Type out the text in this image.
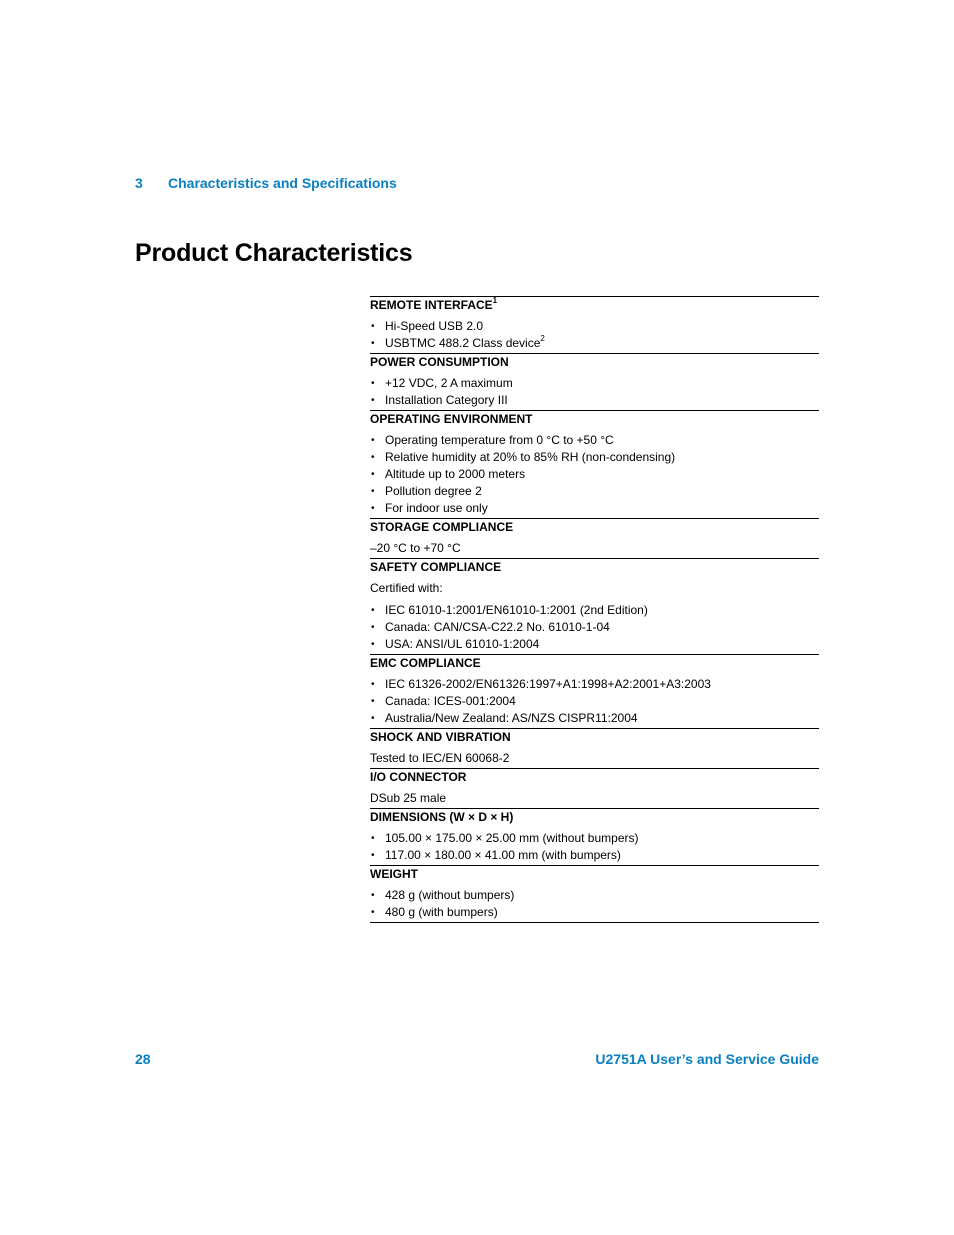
3 Characteristics and Specifications
Product Characteristics
REMOTE INTERFACE$^1$
• Hi-Speed USB 2.0
• USBTMC 488.2 Class device$^2$
POWER CONSUMPTION
• +12 VDC, 2 A maximum
• Installation Category III
OPERATING ENVIRONMENT
• Operating temperature from 0 °C to +50 °C
• Relative humidity at 20% to 85% RH (non-condensing)
• Altitude up to 2000 meters
• Pollution degree 2
• For indoor use only
STORAGE COMPLIANCE
–20 °C to +70 °C
SAFETY COMPLIANCE
Certified with:
• IEC 61010-1:2001/EN61010-1:2001 (2nd Edition)
• Canada: CAN/CSA-C22.2 No. 61010-1-04
• USA: ANSI/UL 61010-1:2004
EMC COMPLIANCE
• IEC 61326-2002/EN61326:1997+A1:1998+A2:2001+A3:2003
• Canada: ICES-001:2004
• Australia/New Zealand: AS/NZS CISPR11:2004
SHOCK AND VIBRATION
Tested to IEC/EN 60068-2
I/O CONNECTOR
DSub 25 male
DIMENSIONS (W × D × H)
• 105.00 × 175.00 × 25.00 mm (without bumpers)
• 117.00 × 180.00 × 41.00 mm (with bumpers)
WEIGHT
• 428 g (without bumpers)
• 480 g (with bumpers)
28	U2751A User’s and Service Guide
